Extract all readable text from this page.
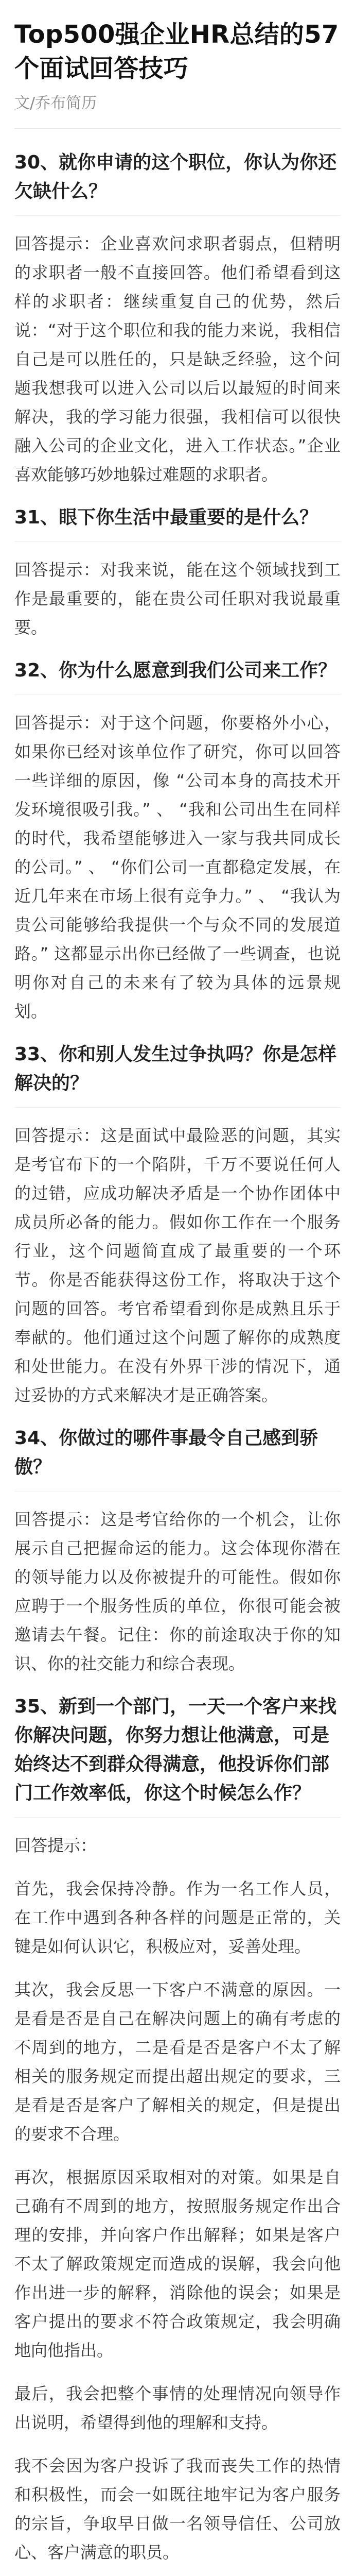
Top500强企业HR总结的57个面试回答技巧
文/乔布简历
30、就你申请的这个职位，你认为你还欠缺什么？

回答提示：企业喜欢问求职者弱点，但精明的求职者一般不直接回答。他们希望看到这样的求职者：继续重复自己的优势，然后说：“对于这个职位和我的能力来说，我相信自己是可以胜任的，只是缺乏经验，这个问题我想我可以进入公司以后以最短的时间来解决，我的学习能力很强，我相信可以很快融入公司的企业文化，进入工作状态。”企业喜欢能够巧妙地躲过难题的求职者。

31、眼下你生活中最重要的是什么？

回答提示：对我来说，能在这个领域找到工作是最重要的，能在贵公司任职对我说最重要。

32、你为什么愿意到我们公司来工作？

回答提示：对于这个问题，你要格外小心，如果你已经对该单位作了研究，你可以回答一些详细的原因，像 “公司本身的高技术开发环境很吸引我。” 、 “我和公司出生在同样的时代，我希望能够进入一家与我共同成长的公司。” 、 “你们公司一直都稳定发展，在近几年来在市场上很有竞争力。” 、 “我认为贵公司能够给我提供一个与众不同的发展道路。” 这都显示出你已经做了一些调查，也说明你对自己的未来有了较为具体的远景规划。

33、你和别人发生过争执吗？你是怎样解决的？

回答提示：这是面试中最险恶的问题，其实是考官布下的一个陷阱，千万不要说任何人的过错，应成功解决矛盾是一个协作团体中成员所必备的能力。假如你工作在一个服务行业，这个问题简直成了最重要的一个环节。你是否能获得这份工作，将取决于这个问题的回答。考官希望看到你是成熟且乐于奉献的。他们通过这个问题了解你的成熟度和处世能力。在没有外界干涉的情况下，通过妥协的方式来解决才是正确答案。

34、你做过的哪件事最令自己感到骄傲？

回答提示：这是考官给你的一个机会，让你展示自己把握命运的能力。这会体现你潜在的领导能力以及你被提升的可能性。假如你应聘于一个服务性质的单位，你很可能会被邀请去午餐。记住：你的前途取决于你的知识、你的社交能力和综合表现。

35、新到一个部门，一天一个客户来找你解决问题，你努力想让他满意，可是始终达不到群众得满意，他投诉你们部门工作效率低，你这个时候怎么作？

回答提示：

首先，我会保持冷静。作为一名工作人员，在工作中遇到各种各样的问题是正常的，关键是如何认识它，积极应对，妥善处理。

其次，我会反思一下客户不满意的原因。一是看是否是自己在解决问题上的确有考虑的不周到的地方，二是看是否是客户不太了解相关的服务规定而提出超出规定的要求，三是看是否是客户了解相关的规定，但是提出的要求不合理。

再次，根据原因采取相对的对策。如果是自己确有不周到的地方，按照服务规定作出合理的安排，并向客户作出解释；如果是客户不太了解政策规定而造成的误解，我会向他作出进一步的解释，消除他的误会；如果是客户提出的要求不符合政策规定，我会明确地向他指出。

最后，我会把整个事情的处理情况向领导作出说明，希望得到他的理解和支持。

我不会因为客户投诉了我而丧失工作的热情和积极性，而会一如既往地牢记为客户服务的宗旨，争取早日做一名领导信任、公司放心、客户满意的职员。
